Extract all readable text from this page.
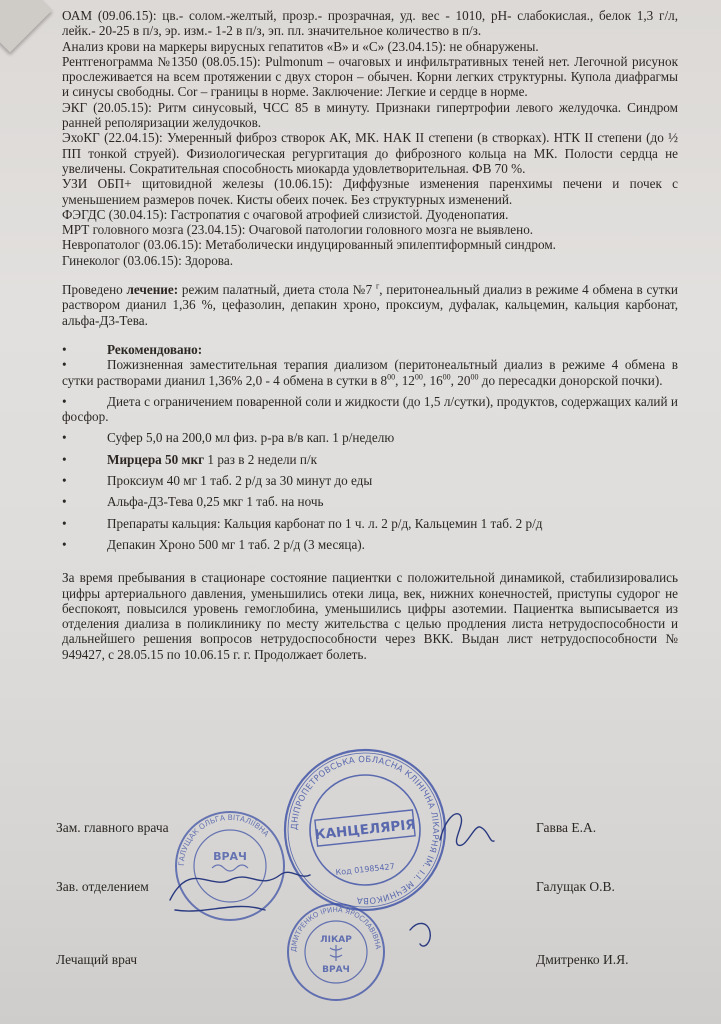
ОАМ (09.06.15): цв.- солом.-желтый, прозр.- прозрачная, уд. вес - 1010, рН- слабокислая., белок 1,3 г/л, лейк.- 20-25 в п/з, эр. изм.- 1-2 в п/з, эп. пл. значительное количество в п/з.

Анализ крови на маркеры вирусных гепатитов «В» и «С» (23.04.15): не обнаружены.

Рентгенограмма №1350 (08.05.15): Pulmonum – очаговых и инфильтративных теней нет. Легочной рисунок прослеживается на всем протяжении с двух сторон – обычен. Корни легких структурны. Купола диафрагмы и синусы свободны. Cor – границы в норме. Заключение: Легкие и сердце в норме.

ЭКГ (20.05.15): Ритм синусовый, ЧСС 85 в минуту. Признаки гипертрофии левого желудочка. Синдром ранней реполяризации желудочков.

ЭхоКГ (22.04.15): Умеренный фиброз створок АК, МК. НАК II степени (в створках). НТК II степени (до ½ ПП тонкой струей). Физиологическая регургитация до фиброзного кольца на МК. Полости сердца не увеличены. Сократительная способность миокарда удовлетворительная. ФВ 70 %.

УЗИ ОБП+ щитовидной железы (10.06.15): Диффузные изменения паренхимы печени и почек с уменьшением размеров почек. Кисты обеих почек. Без структурных изменений.

ФЭГДС (30.04.15): Гастропатия с очаговой атрофией слизистой. Дуоденопатия.

МРТ головного мозга (23.04.15): Очаговой патологии головного мозга не выявлено.

Невропатолог (03.06.15): Метаболически индуцированный эпилептиформный синдром.

Гинеколог (03.06.15): Здорова.

Проведено лечение: режим палатный, диета стола №7 $^г$, перитонеальный диализ в режиме 4 обмена в сутки раствором дианил 1,36 %, цефазолин, депакин хроно, проксиум, дуфалак, кальцемин, кальция карбонат, альфа-Д3-Тева.

•	Рекомендовано:

•	Пожизненная заместительная терапия диализом (перитонеальтный диализ в режиме 4 обмена в сутки растворами дианил 1,36% 2,0 - 4 обмена в сутки в $8^{00}$, $12^{00}$, $16^{00}$, $20^{00}$ до пересадки донорской почки).

•	Диета с ограничением поваренной соли и жидкости (до 1,5 л/сутки), продуктов, содержащих калий и фосфор.

•	Суфер 5,0 на 200,0 мл физ. р-ра в/в кап. 1 р/неделю

•	Мирцера 50 мкг 1 раз в 2 недели п/к

•	Проксиум 40 мг 1 таб. 2 р/д за 30 минут до еды

•	Альфа-Д3-Тева 0,25 мкг 1 таб. на ночь

•	Препараты кальция: Кальция карбонат по 1 ч. л. 2 р/д, Кальцемин 1 таб. 2 р/д

•	Депакин Хроно 500 мг 1 таб. 2 р/д (3 месяца).

За время пребывания в стационаре состояние пациентки с положительной динамикой, стабилизировались цифры артериального давления, уменьшились отеки лица, век, нижних конечностей, приступы судорог не беспокоят, повысился уровень гемоглобина, уменьшились цифры азотемии. Пациентка выписывается из отделения диализа в поликлинику по месту жительства с целью продления листа нетрудоспособности и дальнейшего решения вопросов нетрудоспособности через ВКК. Выдан лист нетрудоспособности № 949427, с 28.05.15 по 10.06.15 г. г. Продолжает болеть.

ДНІПРОПЕТРОВСЬКА ОБЛАСНА КЛІНІЧНА ЛІКАРНЯ ІМ. І.І. МЕЧНИКОВА
КАНЦЕЛЯРІЯ
Код 01985427
ГАЛУЩАК ОЛЬГА ВІТАЛІЇВНА
ВРАЧ
ДМИТРЕНКО ІРИНА ЯРОСЛАВІВНА
ЛІКАР
ВРАЧ
Зам. главного врача	Гавва Е.А.
Зав. отделением	Галущак О.В.
Лечащий врач	Дмитренко И.Я.
